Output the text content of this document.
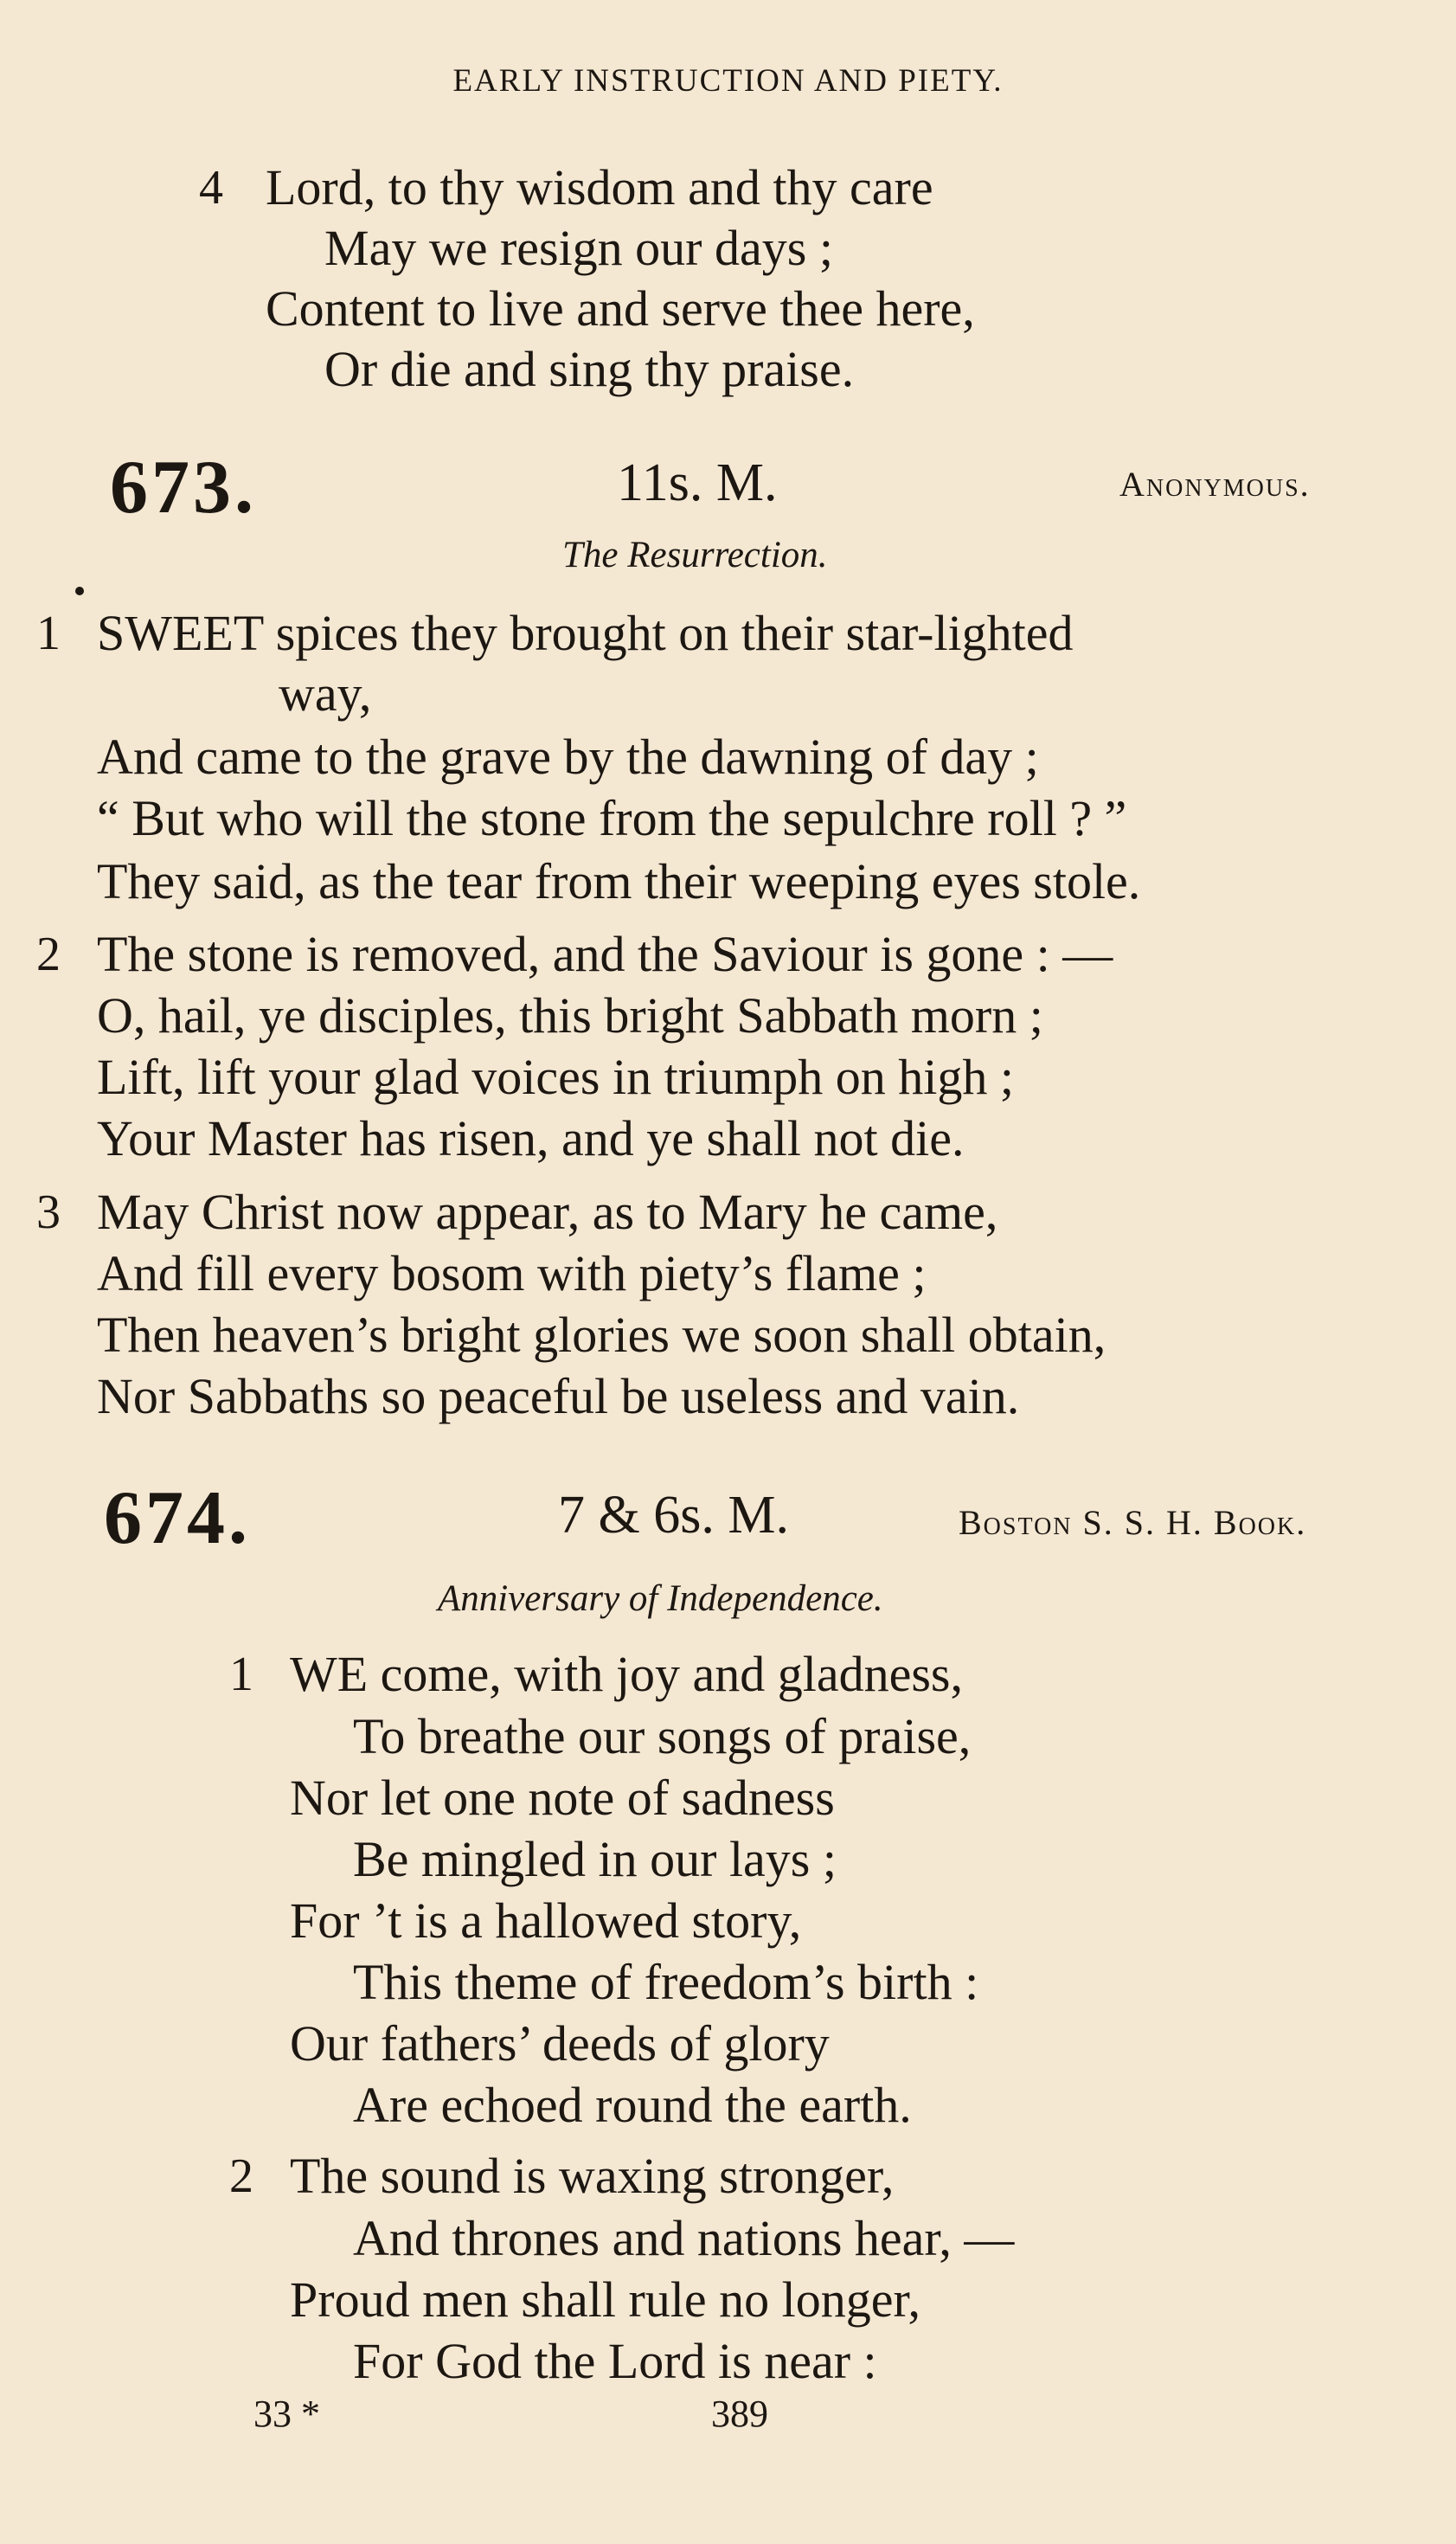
EARLY INSTRUCTION AND PIETY.
4 Lord, to thy wisdom and thy care
May we resign our days ;
Content to live and serve thee here,
Or die and sing thy praise.
673.	11s. M.	Anonymous.
The Resurrection.
1 SWEET spices they brought on their star-lighted
way,
And came to the grave by the dawning of day ;
“ But who will the stone from the sepulchre roll ? ”
They said, as the tear from their weeping eyes stole.
2 The stone is removed, and the Saviour is gone : —
O, hail, ye disciples, this bright Sabbath morn ;
Lift, lift your glad voices in triumph on high ;
Your Master has risen, and ye shall not die.
3 May Christ now appear, as to Mary he came,
And fill every bosom with piety’s flame ;
Then heaven’s bright glories we soon shall obtain,
Nor Sabbaths so peaceful be useless and vain.
674.	7 & 6s. M.	Boston S. S. H. Book.
Anniversary of Independence.
1 WE come, with joy and gladness,
To breathe our songs of praise,
Nor let one note of sadness
Be mingled in our lays ;
For ’t is a hallowed story,
This theme of freedom’s birth :
Our fathers’ deeds of glory
Are echoed round the earth.
2 The sound is waxing stronger,
And thrones and nations hear, —
Proud men shall rule no longer,
For God the Lord is near :
33 *	389
